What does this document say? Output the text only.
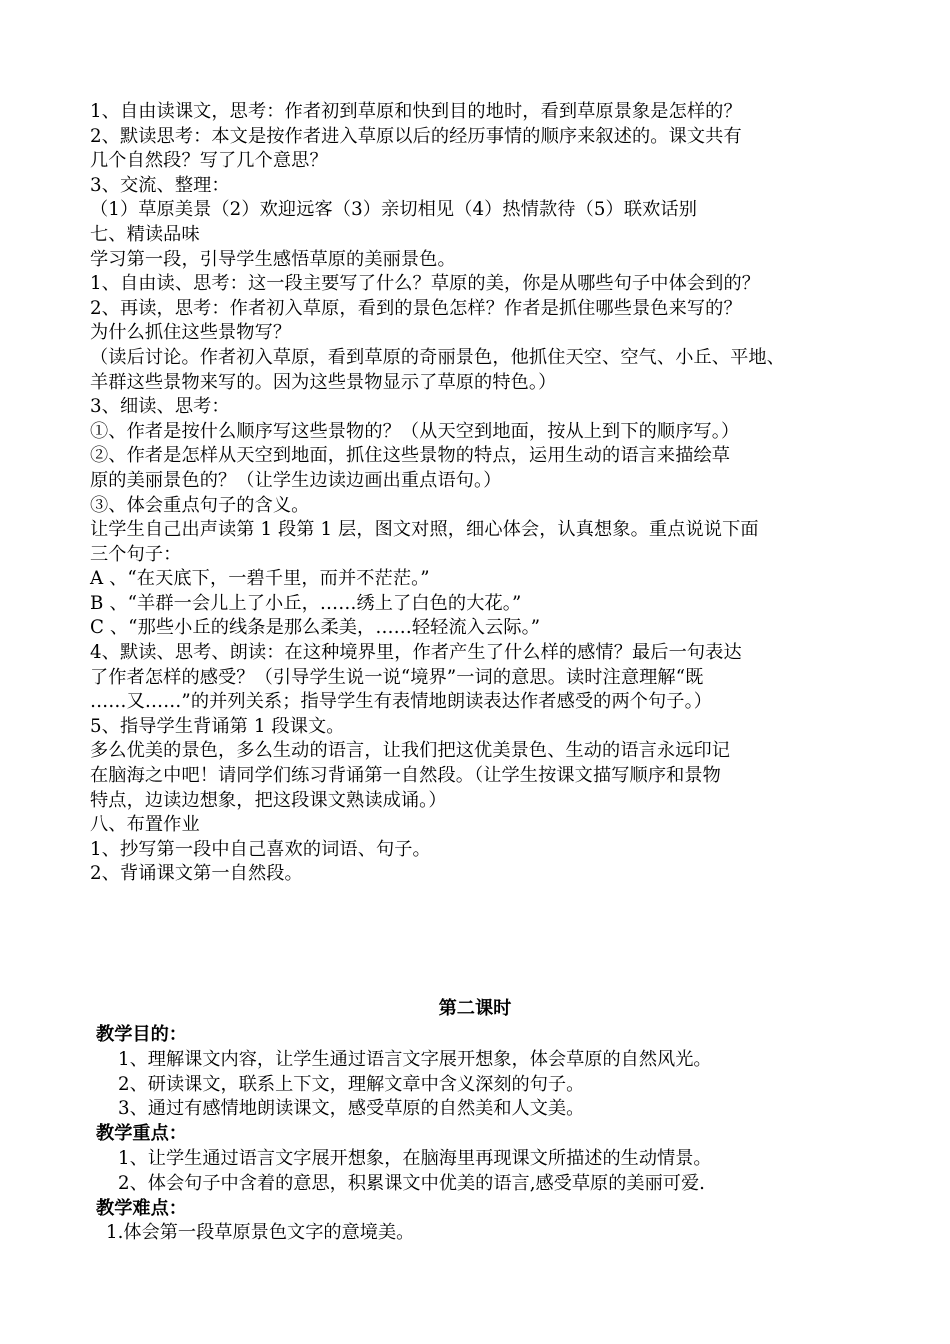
1、自由读课文，思考：作者初到草原和快到目的地时，看到草原景象是怎样的？
2、默读思考：本文是按作者进入草原以后的经历事情的顺序来叙述的。课文共有
几个自然段？写了几个意思？
3、交流、整理：
（1）草原美景（2）欢迎远客（3）亲切相见（4）热情款待（5）联欢话别
七、精读品味
学习第一段，引导学生感悟草原的美丽景色。
1、自由读、思考：这一段主要写了什么？草原的美，你是从哪些句子中体会到的？
2、再读，思考：作者初入草原，看到的景色怎样？作者是抓住哪些景色来写的？
为什么抓住这些景物写？
（读后讨论。作者初入草原，看到草原的奇丽景色，他抓住天空、空气、小丘、平地、
羊群这些景物来写的。因为这些景物显示了草原的特色。）
3、细读、思考：
①、作者是按什么顺序写这些景物的？（从天空到地面，按从上到下的顺序写。）
②、作者是怎样从天空到地面，抓住这些景物的特点，运用生动的语言来描绘草
原的美丽景色的？（让学生边读边画出重点语句。）
③、体会重点句子的含义。
让学生自己出声读第 1 段第 1 层，图文对照，细心体会，认真想象。重点说说下面
三个句子：
A 、“在天底下，一碧千里，而并不茫茫。”
B 、“羊群一会儿上了小丘，……绣上了白色的大花。”
C 、“那些小丘的线条是那么柔美，……轻轻流入云际。”
4、默读、思考、朗读：在这种境界里，作者产生了什么样的感情？最后一句表达
了作者怎样的感受？（引导学生说一说“境界”一词的意思。读时注意理解“既
……又……”的并列关系；指导学生有表情地朗读表达作者感受的两个句子。）
5、指导学生背诵第 1 段课文。
多么优美的景色，多么生动的语言，让我们把这优美景色、生动的语言永远印记
在脑海之中吧！请同学们练习背诵第一自然段。（让学生按课文描写顺序和景物
特点，边读边想象，把这段课文熟读成诵。）
八、布置作业
1、抄写第一段中自己喜欢的词语、句子。
2、背诵课文第一自然段。
第二课时
教学目的：
1、理解课文内容，让学生通过语言文字展开想象，体会草原的自然风光。
2、研读课文，联系上下文，理解文章中含义深刻的句子。
3、通过有感情地朗读课文，感受草原的自然美和人文美。
教学重点：
1、让学生通过语言文字展开想象，在脑海里再现课文所描述的生动情景。
2、体会句子中含着的意思，积累课文中优美的语言,感受草原的美丽可爱.
教学难点：
1.体会第一段草原景色文字的意境美。
